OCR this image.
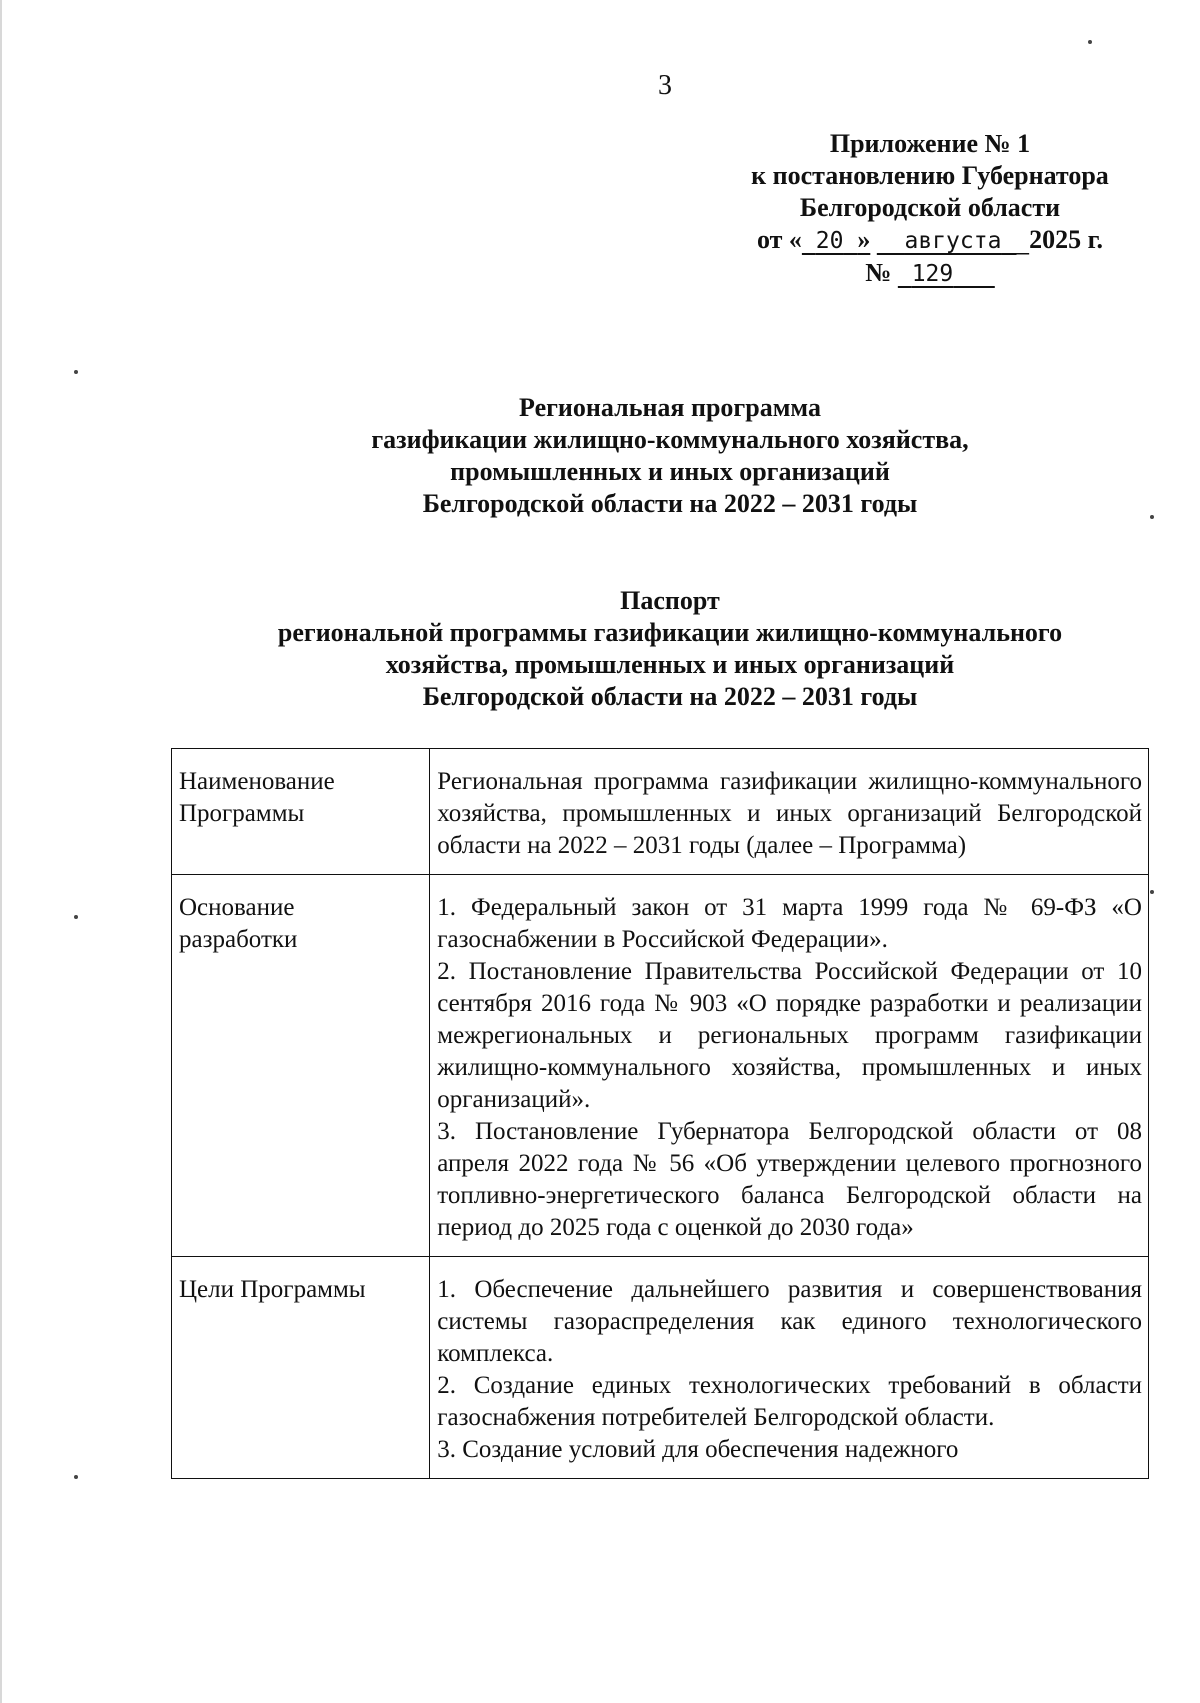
3
Приложение № 1
к постановлению Губернатора
Белгородской области
от « 20 » августа 2025 г.
№ 129
Региональная программа
газификации жилищно-коммунального хозяйства,
промышленных и иных организаций
Белгородской области на 2022 – 2031 годы
Паспорт
региональной программы газификации жилищно-коммунального
хозяйства, промышленных и иных организаций
Белгородской области на 2022 – 2031 годы
Наименование
Программы	Региональная программа газификации жилищно-коммунального хозяйства, промышленных и иных организаций Белгородской области на 2022 – 2031 годы (далее – Программа)

Основание
разработки	1. Федеральный закон от 31 марта 1999 года № 69-ФЗ «О газоснабжении в Российской Федерации».
2. Постановление Правительства Российской Федерации от 10 сентября 2016 года № 903 «О порядке разработки и реализации межрегиональных и региональных программ газификации жилищно-коммунального хозяйства, промышленных и иных организаций».
3. Постановление Губернатора Белгородской области от 08 апреля 2022 года № 56 «Об утверждении целевого прогнозного топливно-энергетического баланса Белгородской области на период до 2025 года с оценкой до 2030 года»

Цели Программы	1. Обеспечение дальнейшего развития и совершенствования системы газораспределения как единого технологического комплекса.
2. Создание единых технологических требований в области газоснабжения потребителей Белгородской области.
3. Создание условий для обеспечения надежного
